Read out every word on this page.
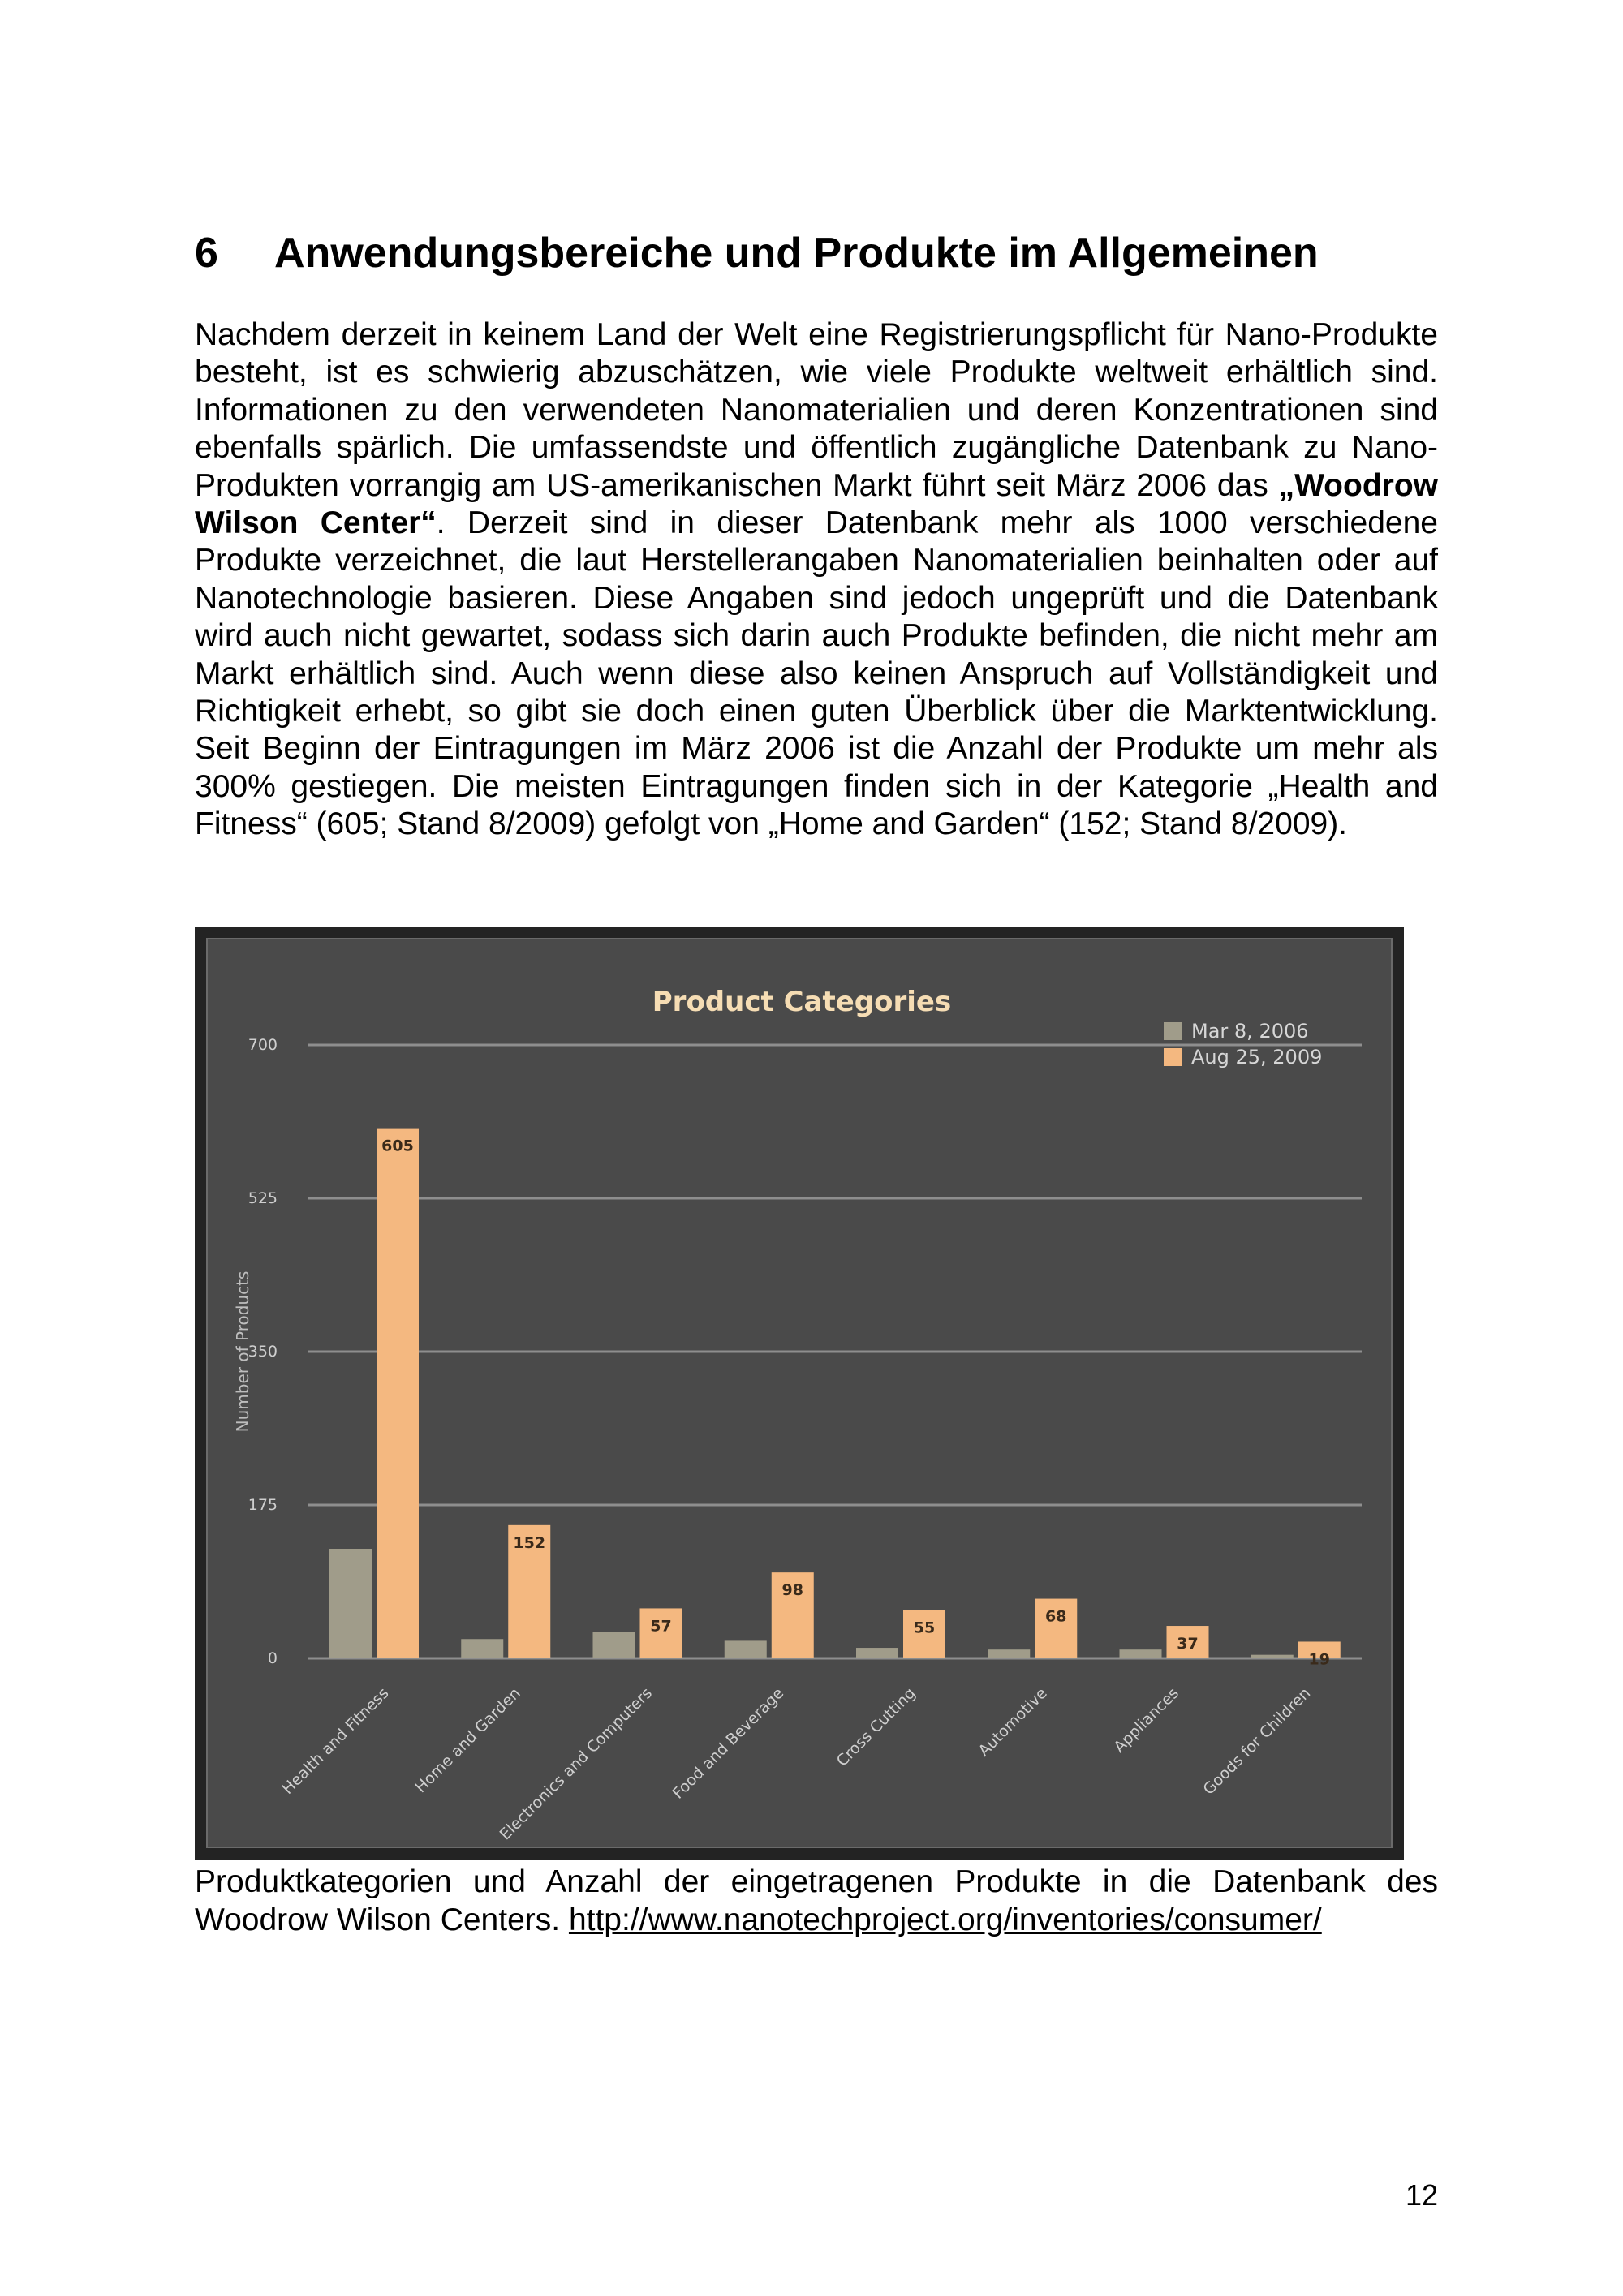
6 Anwendungsbereiche und Produkte im Allgemeinen

Nachdem derzeit in keinem Land der Welt eine Registrierungspflicht für Nano-Produkte besteht, ist es schwierig abzuschätzen, wie viele Produkte weltweit erhältlich sind. Informationen zu den verwendeten Nanomaterialien und deren Konzentrationen sind ebenfalls spärlich. Die umfassendste und öffentlich zugängliche Datenbank zu Nano-Produkten vorrangig am US-amerikanischen Markt führt seit März 2006 das „Woodrow Wilson Center“. Derzeit sind in dieser Datenbank mehr als 1000 verschiedene Produkte verzeichnet, die laut Herstellerangaben Nanomaterialien beinhalten oder auf Nanotechnologie basieren. Diese Angaben sind jedoch ungeprüft und die Datenbank wird auch nicht gewartet, sodass sich darin auch Produkte befinden, die nicht mehr am Markt erhältlich sind. Auch wenn diese also keinen Anspruch auf Vollständigkeit und Richtigkeit erhebt, so gibt sie doch einen guten Überblick über die Marktentwicklung. Seit Beginn der Eintragungen im März 2006 ist die Anzahl der Produkte um mehr als 300% gestiegen. Die meisten Eintragungen finden sich in der Kategorie „Health and Fitness“ (605; Stand 8/2009) gefolgt von „Home and Garden“ (152; Stand 8/2009).

Product Categories
0
175
350
525
700
Number of Products
605
Health and Fitness
152
Home and Garden
57
Electronics and Computers
98
Food and Beverage
55
Cross Cutting
68
Automotive
37
Appliances
19
Goods for Children
Mar 8, 2006
Aug 25, 2009

Produktkategorien und Anzahl der eingetragenen Produkte in die Datenbank des Woodrow Wilson Centers. http://www.nanotechproject.org/inventories/consumer/

12
